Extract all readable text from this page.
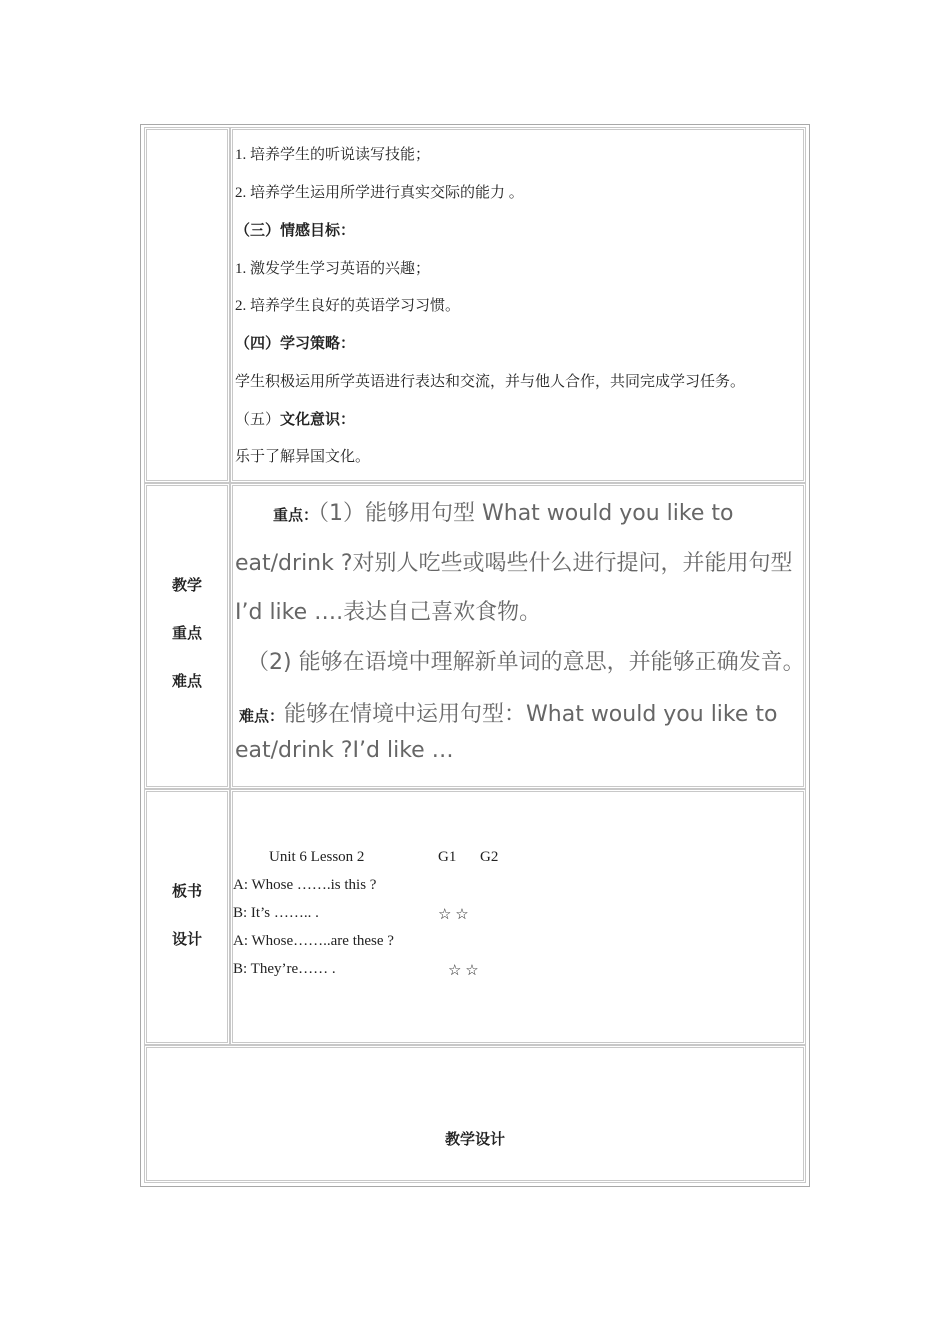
1. 培养学生的听说读写技能；
2. 培养学生运用所学进行真实交际的能力 。
（三）情感目标：
1. 激发学生学习英语的兴趣；
2. 培养学生良好的英语学习习惯。
（四）学习策略：
学生积极运用所学英语进行表达和交流，并与他人合作，共同完成学习任务。
（五）文化意识：
乐于了解异国文化。
教学
重点
难点
重点：（1）能够用句型 What would you like to
eat/drink ?对别人吃些或喝些什么进行提问，并能用句型
I’d like ….表达自己喜欢食物。
（2) 能够在语境中理解新单词的意思，并能够正确发音。
难点：能够在情境中运用句型：What would you like to
eat/drink ?I’d like …
板书
设计
Unit 6 Lesson 2	G1 G2
A: Whose …….is this ?
B: It’s …….. .	☆ ☆
A: Whose……..are these ?
B: They’re…… .	☆ ☆
教学设计
